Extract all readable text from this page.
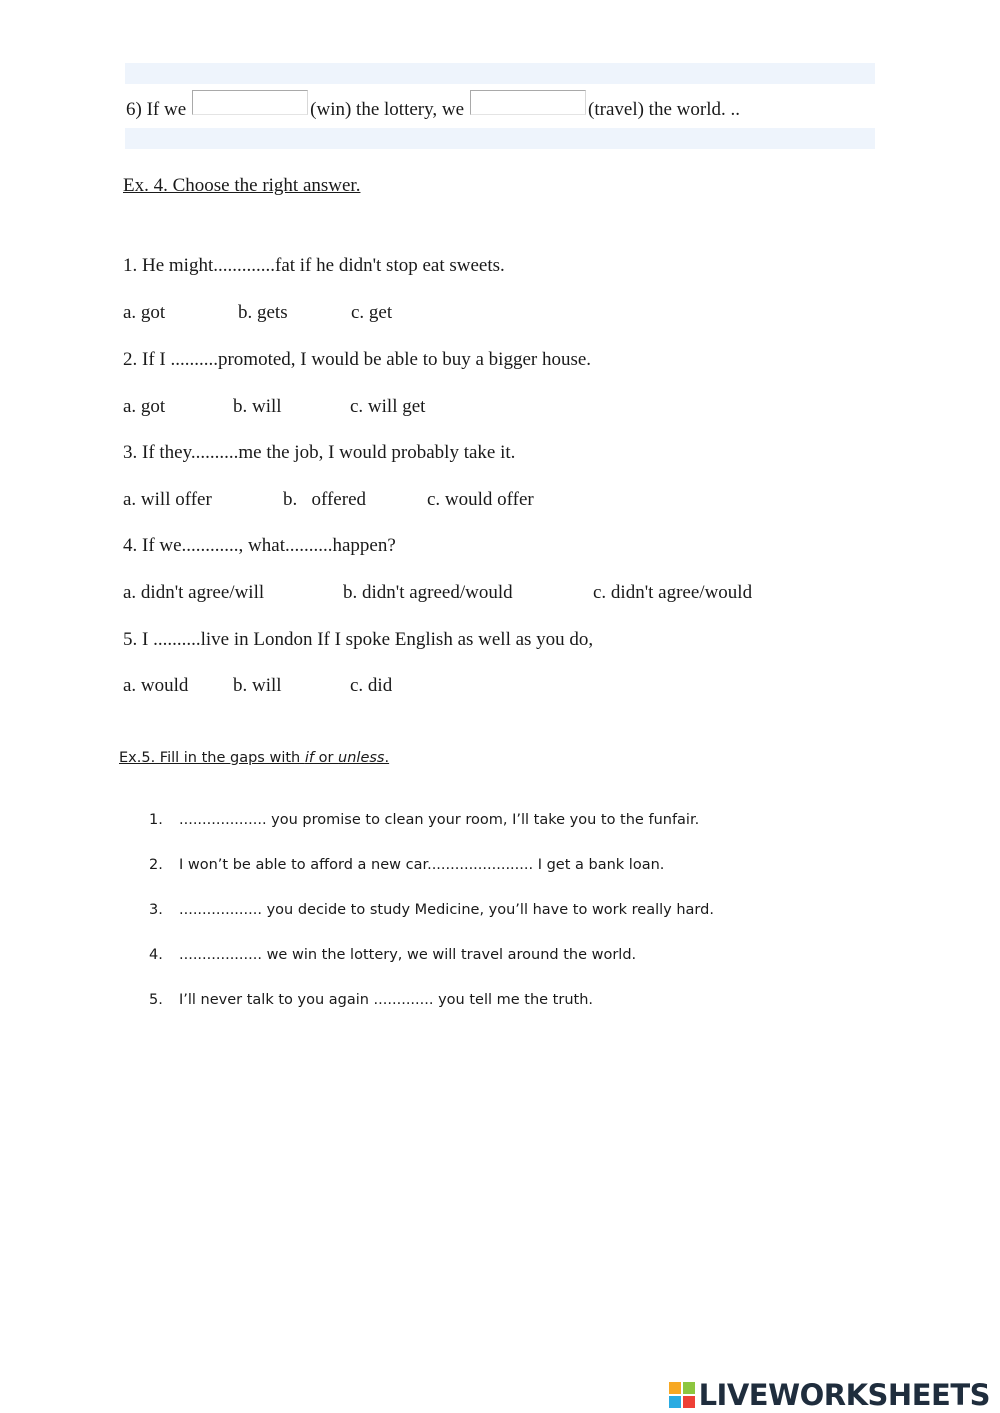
6) If we	(win) the lottery, we	(travel) the world. ..
Ex. 4. Choose the right answer.
1. He might.............fat if he didn't stop eat sweets.
a. got	b. gets	c. get
2. If I ..........promoted, I would be able to buy a bigger house.
a. got	b. will	c. will get
3. If they..........me the job, I would probably take it.
a. will offer	b.   offered	c. would offer
4. If we............, what..........happen?
a. didn't agree/will	b. didn't agreed/would	c. didn't agree/would
5. I ..........live in London If I spoke English as well as you do,
a. would b. will	c. did
Ex.5. Fill in the gaps with if or unless.
1. ................... you promise to clean your room, I’ll take you to the funfair.
2. I won’t be able to afford a new car....................... I get a bank loan.
3. .................. you decide to study Medicine, you’ll have to work really hard.
4. .................. we win the lottery, we will travel around the world.
5. I’ll never talk to you again ............. you tell me the truth.
LIVEWORKSHEETS
